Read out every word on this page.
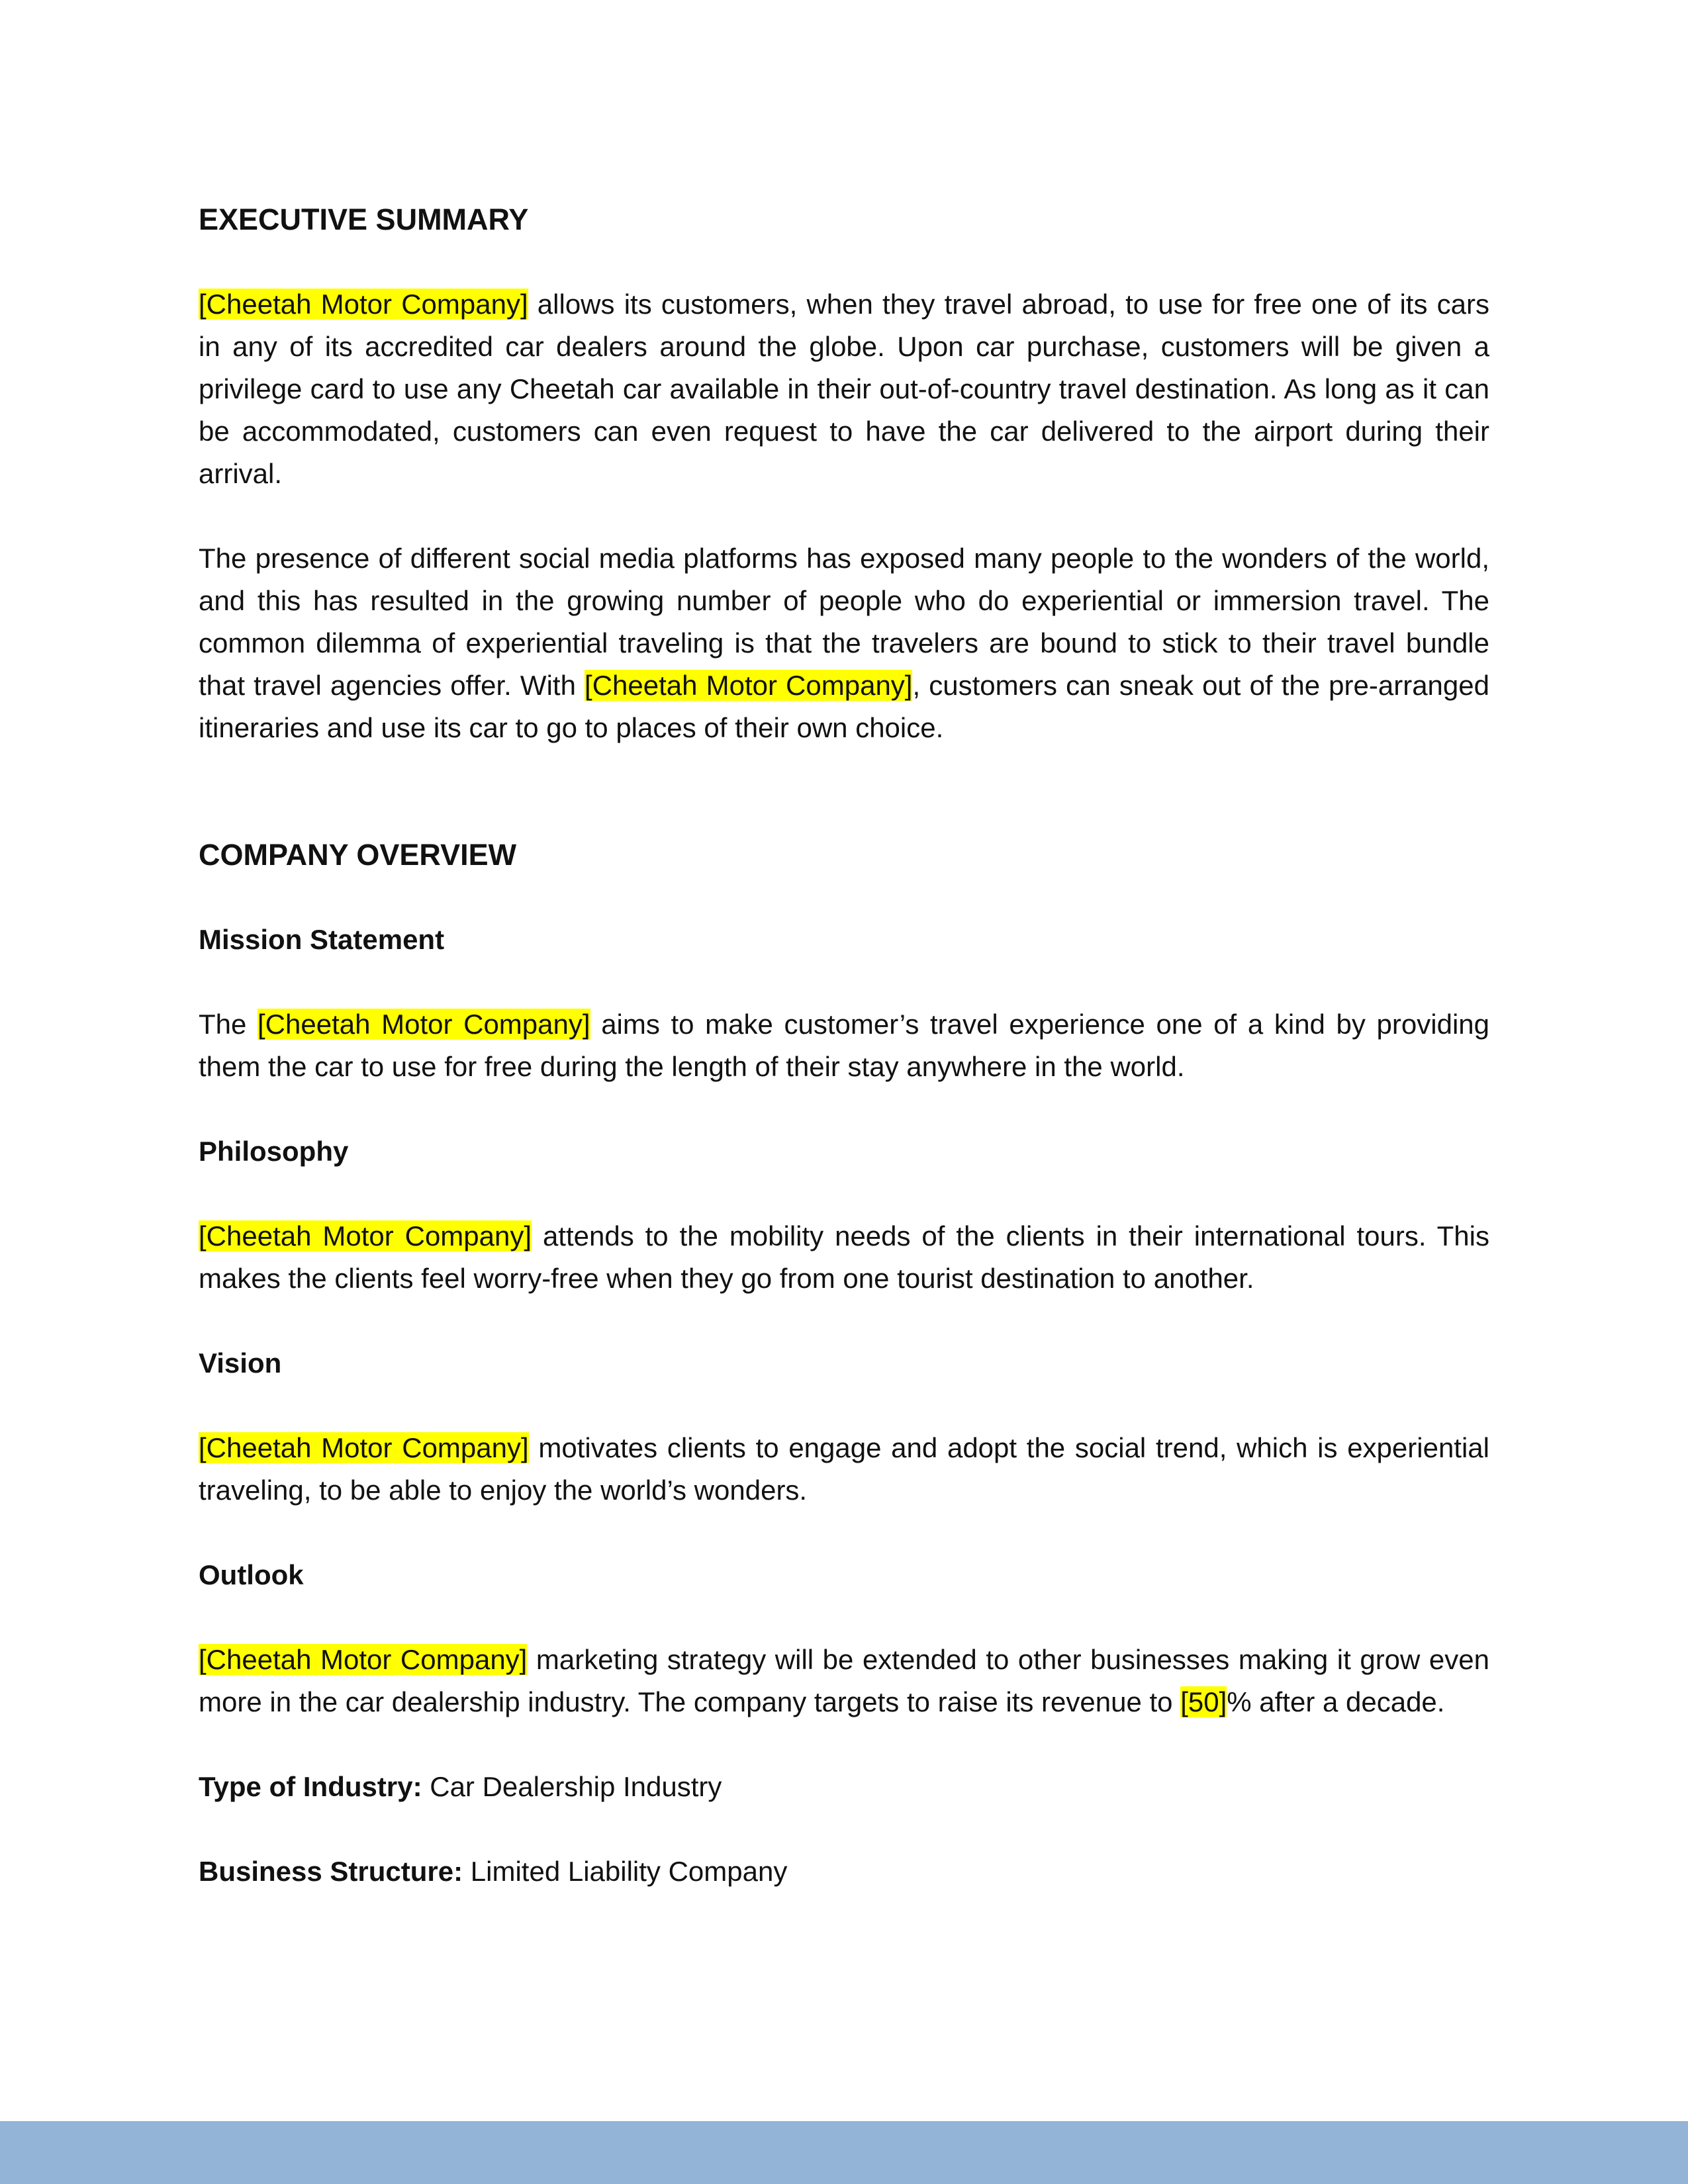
EXECUTIVE SUMMARY

[Cheetah Motor Company] allows its customers, when they travel abroad, to use for free one of its cars in any of its accredited car dealers around the globe. Upon car purchase, customers will be given a privilege card to use any Cheetah car available in their out-of-country travel destination. As long as it can be accommodated, customers can even request to have the car delivered to the airport during their arrival.

The presence of different social media platforms has exposed many people to the wonders of the world, and this has resulted in the growing number of people who do experiential or immersion travel. The common dilemma of experiential traveling is that the travelers are bound to stick to their travel bundle that travel agencies offer. With [Cheetah Motor Company], customers can sneak out of the pre-arranged itineraries and use its car to go to places of their own choice.

COMPANY OVERVIEW
Mission Statement

The [Cheetah Motor Company] aims to make customer’s travel experience one of a kind by providing them the car to use for free during the length of their stay anywhere in the world.

Philosophy

[Cheetah Motor Company] attends to the mobility needs of the clients in their international tours. This makes the clients feel worry-free when they go from one tourist destination to another.

Vision

[Cheetah Motor Company] motivates clients to engage and adopt the social trend, which is experiential traveling, to be able to enjoy the world’s wonders.

Outlook

[Cheetah Motor Company] marketing strategy will be extended to other businesses making it grow even more in the car dealership industry. The company targets to raise its revenue to [50]% after a decade.

Type of Industry: Car Dealership Industry

Business Structure: Limited Liability Company
